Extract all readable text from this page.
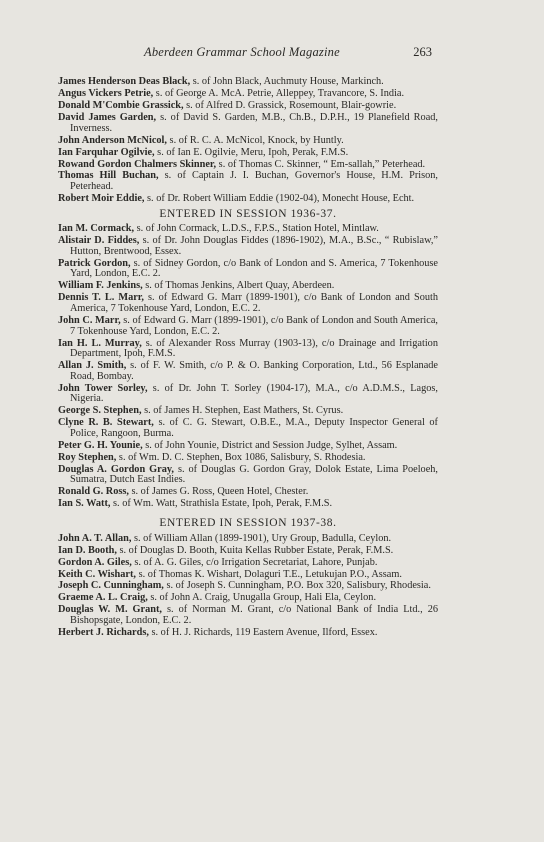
Aberdeen Grammar School Magazine	263

James Henderson Deas Black, s. of John Black, Auchmuty House, Markinch.

Angus Vickers Petrie, s. of George A. McA. Petrie, Alleppey, Travancore, S. India.

Donald M'Combie Grassick, s. of Alfred D. Grassick, Rosemount, Blair-gowrie.

David James Garden, s. of David S. Garden, M.B., Ch.B., D.P.H., 19 Planefield Road, Inverness.

John Anderson McNicol, s. of R. C. A. McNicol, Knock, by Huntly.

Ian Farquhar Ogilvie, s. of Ian E. Ogilvie, Meru, Ipoh, Perak, F.M.S.

Rowand Gordon Chalmers Skinner, s. of Thomas C. Skinner, “ Em-sallah,” Peterhead.

Thomas Hill Buchan, s. of Captain J. I. Buchan, Governor's House, H.M. Prison, Peterhead.

Robert Moir Eddie, s. of Dr. Robert William Eddie (1902-04), Monecht House, Echt.

ENTERED IN SESSION 1936-37.

Ian M. Cormack, s. of John Cormack, L.D.S., F.P.S., Station Hotel, Mintlaw.

Alistair D. Fiddes, s. of Dr. John Douglas Fiddes (1896-1902), M.A., B.Sc., “ Rubislaw,” Hutton, Brentwood, Essex.

Patrick Gordon, s. of Sidney Gordon, c/o Bank of London and S. America, 7 Tokenhouse Yard, London, E.C. 2.

William F. Jenkins, s. of Thomas Jenkins, Albert Quay, Aberdeen.

Dennis T. L. Marr, s. of Edward G. Marr (1899-1901), c/o Bank of London and South America, 7 Tokenhouse Yard, London, E.C. 2.

John C. Marr, s. of Edward G. Marr (1899-1901), c/o Bank of London and South America, 7 Tokenhouse Yard, London, E.C. 2.

Ian H. L. Murray, s. of Alexander Ross Murray (1903-13), c/o Drainage and Irrigation Department, Ipoh, F.M.S.

Allan J. Smith, s. of F. W. Smith, c/o P. & O. Banking Corporation, Ltd., 56 Esplanade Road, Bombay.

John Tower Sorley, s. of Dr. John T. Sorley (1904-17), M.A., c/o A.D.M.S., Lagos, Nigeria.

George S. Stephen, s. of James H. Stephen, East Mathers, St. Cyrus.

Clyne R. B. Stewart, s. of C. G. Stewart, O.B.E., M.A., Deputy Inspector General of Police, Rangoon, Burma.

Peter G. H. Younie, s. of John Younie, District and Session Judge, Sylhet, Assam.

Roy Stephen, s. of Wm. D. C. Stephen, Box 1086, Salisbury, S. Rhodesia.

Douglas A. Gordon Gray, s. of Douglas G. Gordon Gray, Dolok Estate, Lima Poeloeh, Sumatra, Dutch East Indies.

Ronald G. Ross, s. of James G. Ross, Queen Hotel, Chester.

Ian S. Watt, s. of Wm. Watt, Strathisla Estate, Ipoh, Perak, F.M.S.

ENTERED IN SESSION 1937-38.

John A. T. Allan, s. of William Allan (1899-1901), Ury Group, Badulla, Ceylon.

Ian D. Booth, s. of Douglas D. Booth, Kuita Kellas Rubber Estate, Perak, F.M.S.

Gordon A. Giles, s. of A. G. Giles, c/o Irrigation Secretariat, Lahore, Punjab.

Keith C. Wishart, s. of Thomas K. Wishart, Dolaguri T.E., Letukujan P.O., Assam.

Joseph C. Cunningham, s. of Joseph S. Cunningham, P.O. Box 320, Salisbury, Rhodesia.

Graeme A. L. Craig, s. of John A. Craig, Unugalla Group, Hali Ela, Ceylon.

Douglas W. M. Grant, s. of Norman M. Grant, c/o National Bank of India Ltd., 26 Bishopsgate, London, E.C. 2.

Herbert J. Richards, s. of H. J. Richards, 119 Eastern Avenue, Ilford, Essex.
